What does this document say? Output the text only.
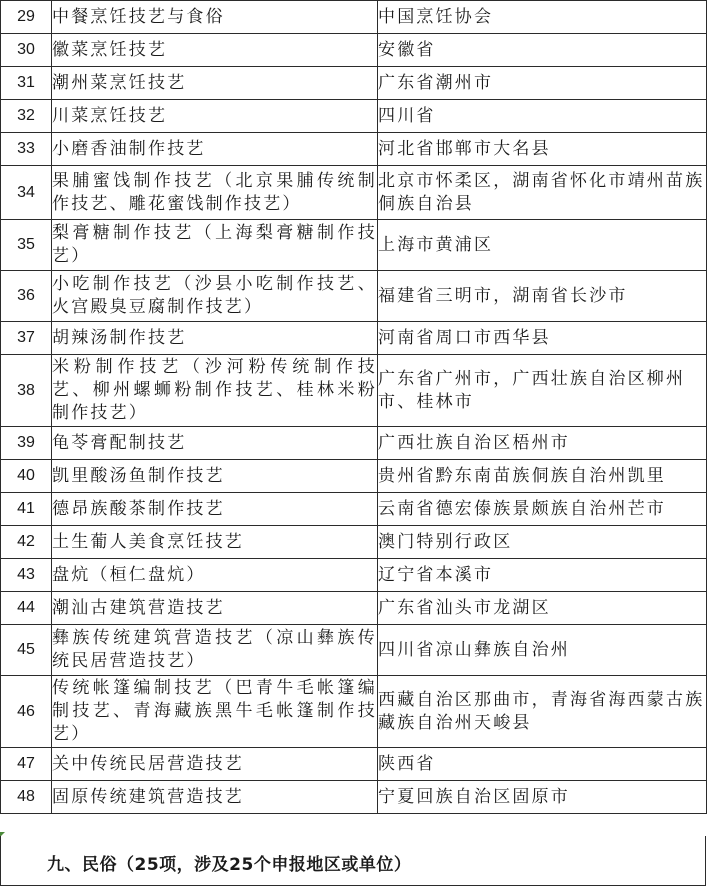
29	中餐烹饪技艺与食俗	中国烹饪协会
30	徽菜烹饪技艺	安徽省
31	潮州菜烹饪技艺	广东省潮州市
32	川菜烹饪技艺	四川省
33	小磨香油制作技艺	河北省邯郸市大名县
34	果脯蜜饯制作技艺（北京果脯传统制作技艺、雕花蜜饯制作技艺）	北京市怀柔区，湖南省怀化市靖州苗族侗族自治县
35	梨膏糖制作技艺（上海梨膏糖制作技艺）	上海市黄浦区
36	小吃制作技艺（沙县小吃制作技艺、火宫殿臭豆腐制作技艺）	福建省三明市，湖南省长沙市
37	胡辣汤制作技艺	河南省周口市西华县
38	米粉制作技艺（沙河粉传统制作技艺、柳州螺蛳粉制作技艺、桂林米粉制作技艺）	广东省广州市，广西壮族自治区柳州市、桂林市
39	龟苓膏配制技艺	广西壮族自治区梧州市
40	凯里酸汤鱼制作技艺	贵州省黔东南苗族侗族自治州凯里
41	德昂族酸茶制作技艺	云南省德宏傣族景颇族自治州芒市
42	土生葡人美食烹饪技艺	澳门特别行政区
43	盘炕（桓仁盘炕）	辽宁省本溪市
44	潮汕古建筑营造技艺	广东省汕头市龙湖区
45	彝族传统建筑营造技艺（凉山彝族传统民居营造技艺）	四川省凉山彝族自治州
46	传统帐篷编制技艺（巴青牛毛帐篷编制技艺、青海藏族黑牛毛帐篷制作技艺）	西藏自治区那曲市，青海省海西蒙古族藏族自治州天峻县
47	关中传统民居营造技艺	陕西省
48	固原传统建筑营造技艺	宁夏回族自治区固原市
九、民俗（25项，涉及25个申报地区或单位）
